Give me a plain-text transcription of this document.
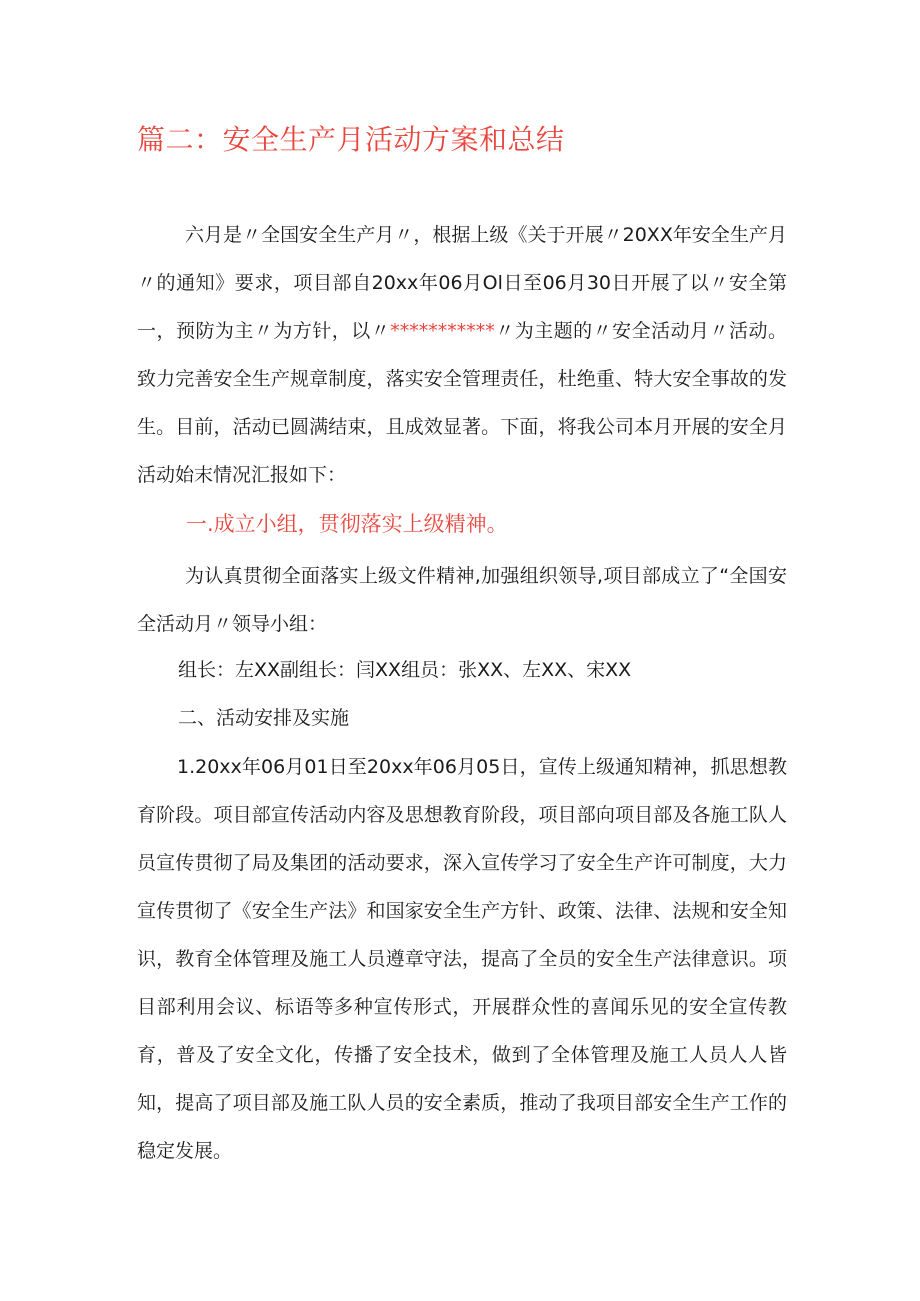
篇二：安全生产月活动方案和总结
六月是〃全国安全生产月〃，根据上级《关于开展〃20XX年安全生产月〃的通知》要求，项目部自20xx年06月Ol日至06月30日开展了以〃安全第一，预防为主〃为方针，以〃***********〃为主题的〃安全活动月〃活动。致力完善安全生产规章制度，落实安全管理责任，杜绝重、特大安全事故的发生。目前，活动已圆满结束，且成效显著。下面，将我公司本月开展的安全月活动始末情况汇报如下：
一.成立小组，贯彻落实上级精神。
为认真贯彻全面落实上级文件精神,加强组织领导,项目部成立了“全国安全活动月〃领导小组：
组长：左XX副组长：闫XX组员：张XX、左XX、宋XX
二、活动安排及实施
1.20xx年06月01日至20xx年06月05日，宣传上级通知精神，抓思想教育阶段。项目部宣传活动内容及思想教育阶段，项目部向项目部及各施工队人员宣传贯彻了局及集团的活动要求，深入宣传学习了安全生产许可制度，大力宣传贯彻了《安全生产法》和国家安全生产方针、政策、法律、法规和安全知识，教育全体管理及施工人员遵章守法，提高了全员的安全生产法律意识。项目部利用会议、标语等多种宣传形式，开展群众性的喜闻乐见的安全宣传教育，普及了安全文化，传播了安全技术，做到了全体管理及施工人员人人皆知，提高了项目部及施工队人员的安全素质，推动了我项目部安全生产工作的稳定发展。
